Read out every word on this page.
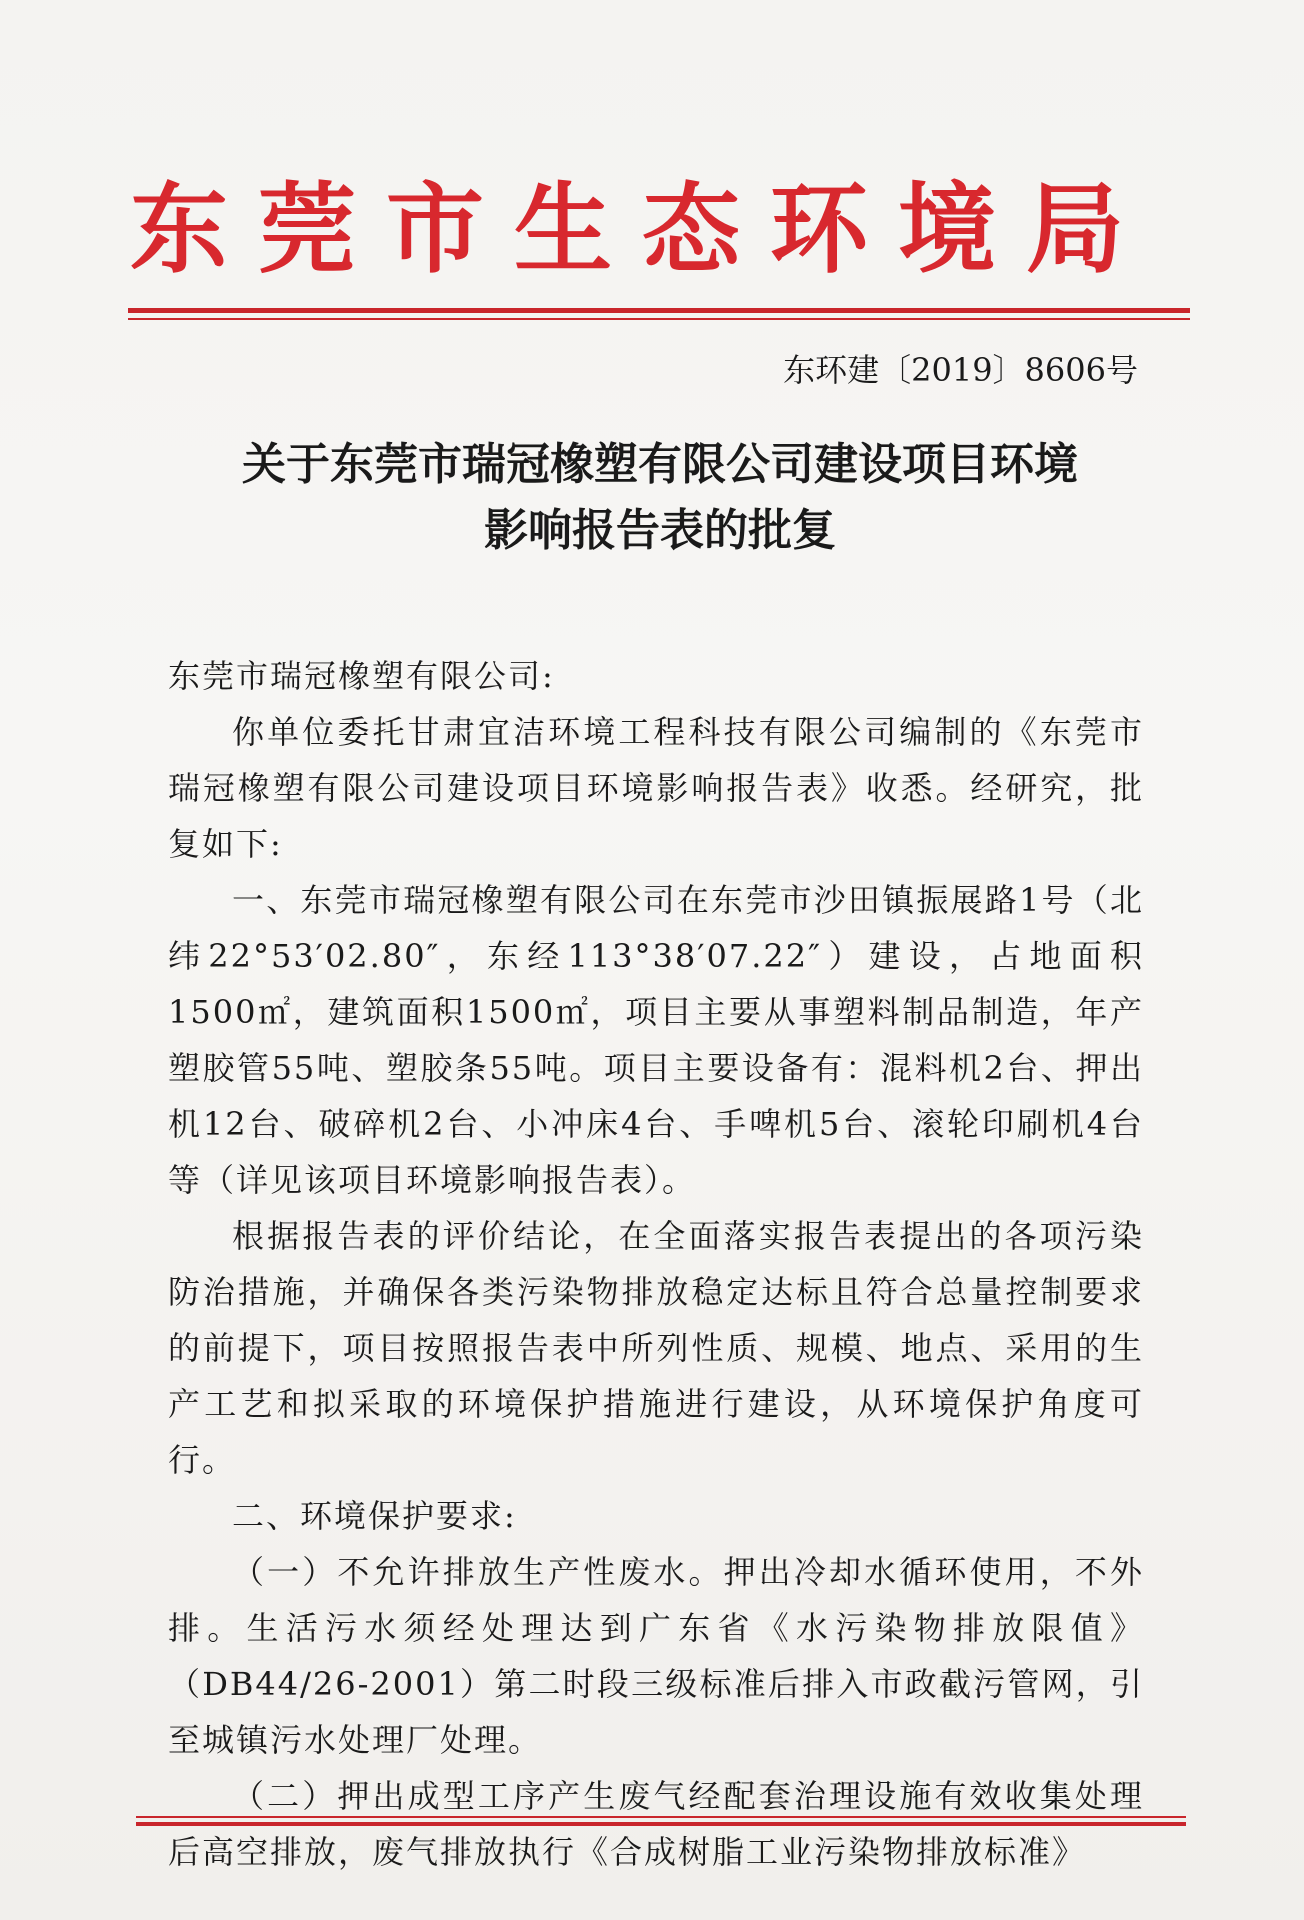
东莞市生态环境局
东环建〔2019〕8606号
关于东莞市瑞冠橡塑有限公司建设项目环境
影响报告表的批复

东莞市瑞冠橡塑有限公司:

你单位委托甘肃宜洁环境工程科技有限公司编制的《东莞市瑞冠橡塑有限公司建设项目环境影响报告表》收悉。经研究，批复如下:

一、东莞市瑞冠橡塑有限公司在东莞市沙田镇振展路1号（北纬22°53′02.80″，东经113°38′07.22″）建设，占地面积1500㎡，建筑面积1500㎡，项目主要从事塑料制品制造，年产塑胶管55吨、塑胶条55吨。项目主要设备有：混料机2台、押出机12台、破碎机2台、小冲床4台、手啤机5台、滚轮印刷机4台等（详见该项目环境影响报告表）。

根据报告表的评价结论，在全面落实报告表提出的各项污染防治措施，并确保各类污染物排放稳定达标且符合总量控制要求的前提下，项目按照报告表中所列性质、规模、地点、采用的生产工艺和拟采取的环境保护措施进行建设，从环境保护角度可行。

二、环境保护要求:

（一）不允许排放生产性废水。押出冷却水循环使用，不外排。生活污水须经处理达到广东省《水污染物排放限值》（DB44/26-2001）第二时段三级标准后排入市政截污管网，引至城镇污水处理厂处理。

（二）押出成型工序产生废气经配套治理设施有效收集处理后高空排放，废气排放执行《合成树脂工业污染物排放标准》
